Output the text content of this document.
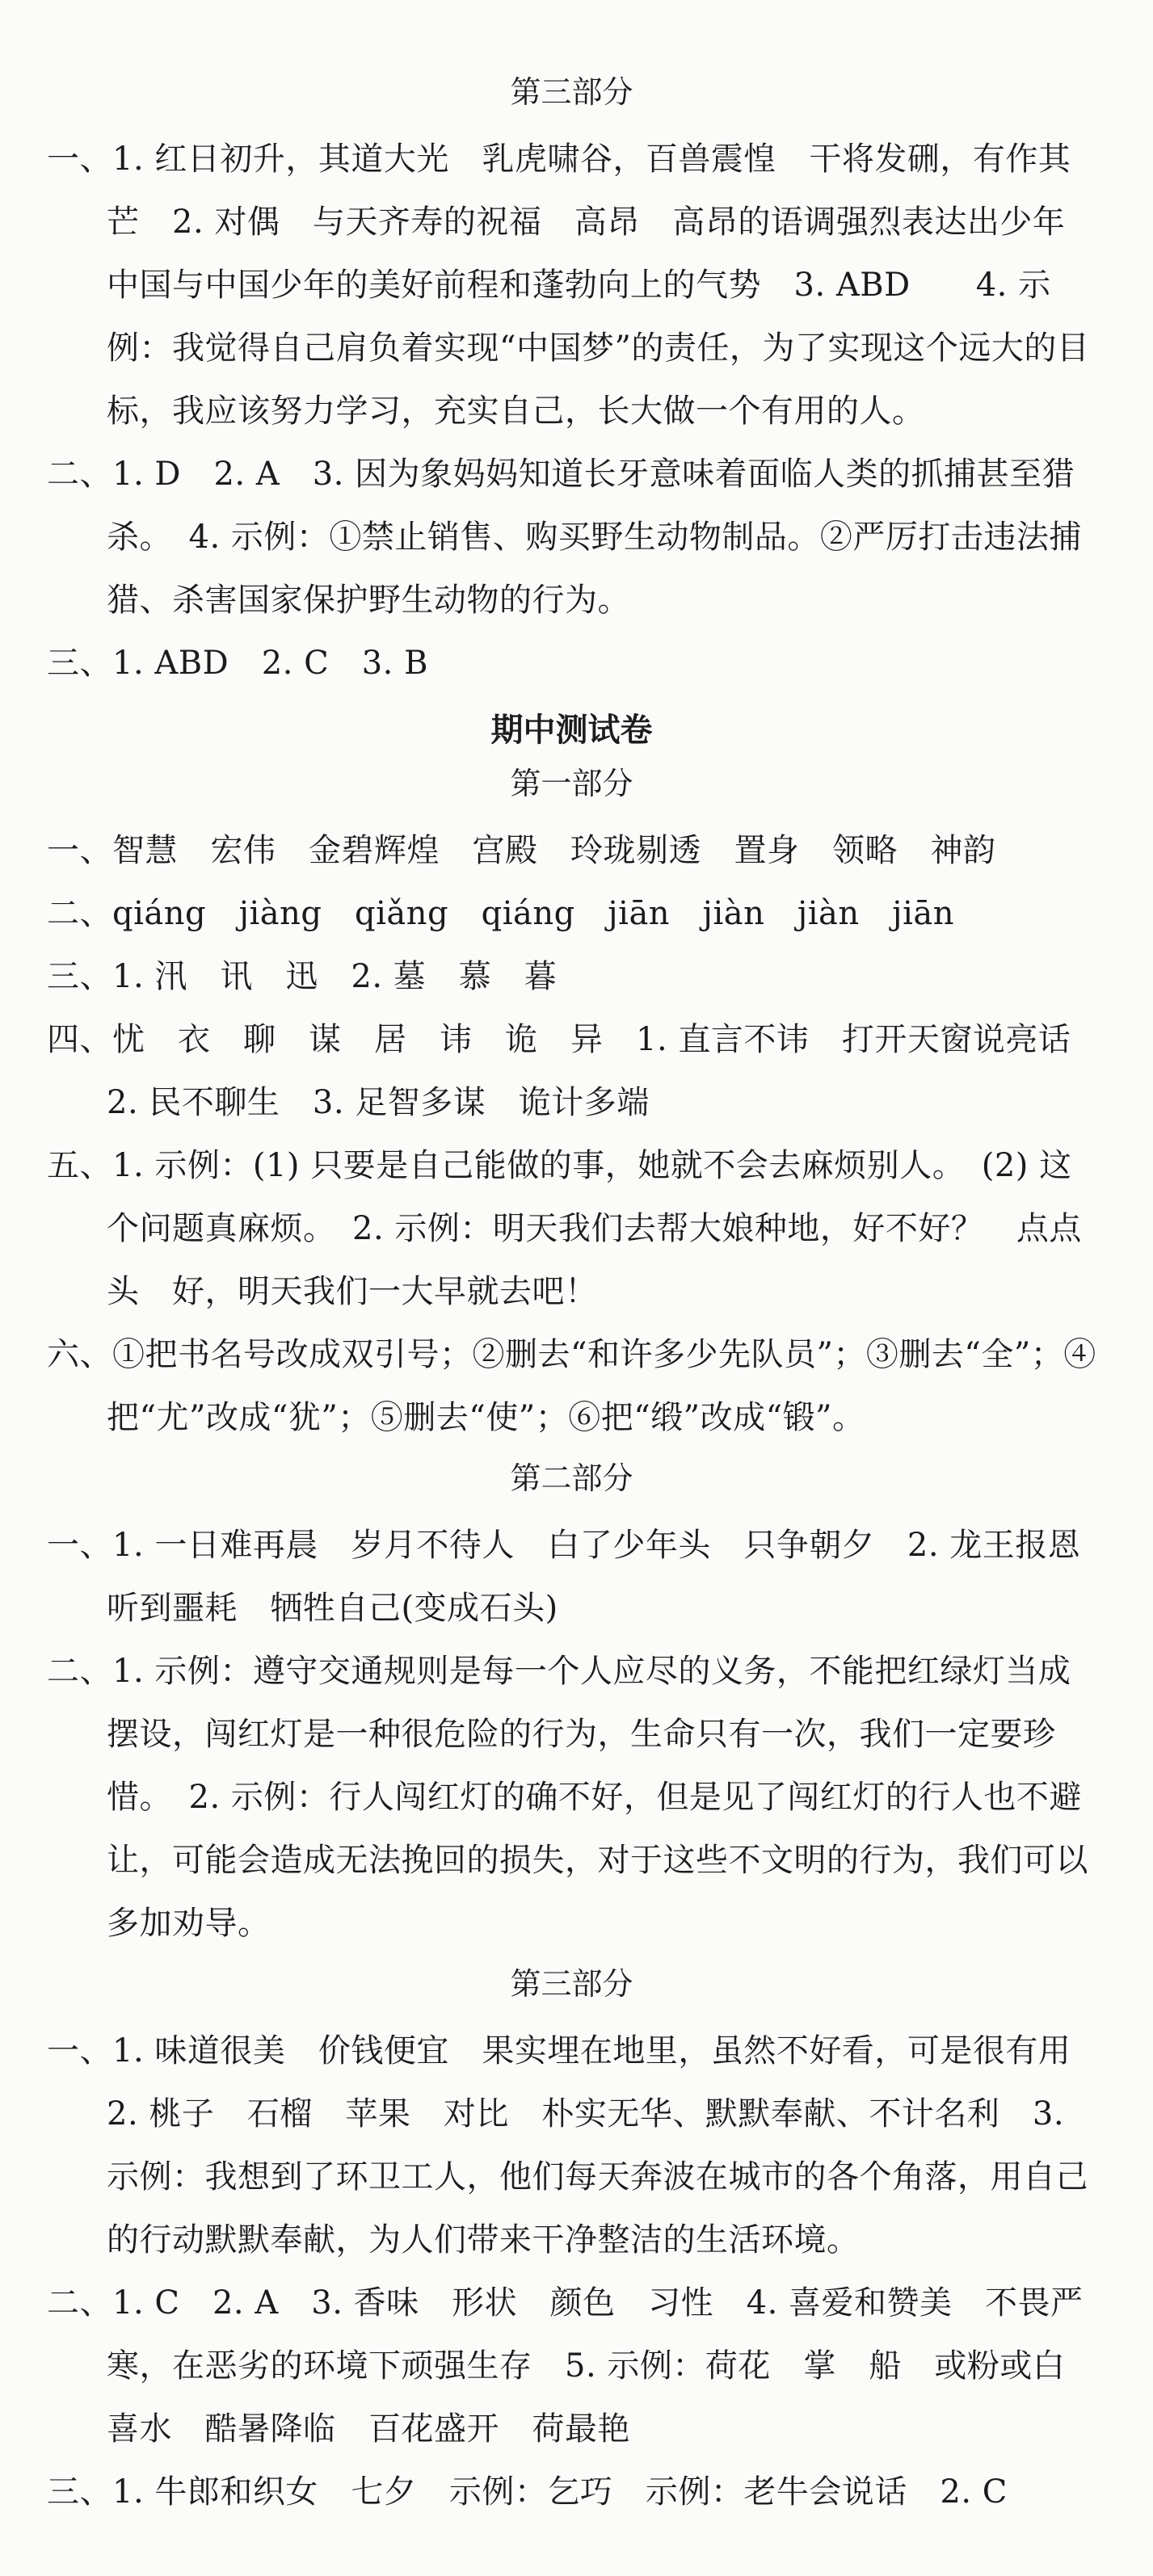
第三部分
一、1. 红日初升，其道大光　乳虎啸谷，百兽震惶　干将发硎，有作其芒　2. 对偶　与天齐寿的祝福　高昂　高昂的语调强烈表达出少年中国与中国少年的美好前程和蓬勃向上的气势　3. ABD　　4. 示例：我觉得自己肩负着实现“中国梦”的责任，为了实现这个远大的目标，我应该努力学习，充实自己，长大做一个有用的人。
二、1. D　2. A　3. 因为象妈妈知道长牙意味着面临人类的抓捕甚至猎杀。　4. 示例：①禁止销售、购买野生动物制品。②严厉打击违法捕猎、杀害国家保护野生动物的行为。
三、1. ABD　2. C　3. B
期中测试卷
第一部分
一、智慧　宏伟　金碧辉煌　宫殿　玲珑剔透　置身　领略　神韵
二、qiáng　jiàng　qiǎng　qiáng　jiān　jiàn　jiàn　jiān
三、1. 汛　讯　迅　2. 墓　慕　暮
四、忧　衣　聊　谋　居　讳　诡　异　1. 直言不讳　打开天窗说亮话　2. 民不聊生　3. 足智多谋　诡计多端
五、1. 示例：(1) 只要是自己能做的事，她就不会去麻烦别人。　(2) 这个问题真麻烦。　2. 示例：明天我们去帮大娘种地，好不好？　点点头　好，明天我们一大早就去吧！
六、①把书名号改成双引号；②删去“和许多少先队员”；③删去“全”；④把“尤”改成“犹”；⑤删去“使”；⑥把“缎”改成“锻”。
第二部分
一、1. 一日难再晨　岁月不待人　白了少年头　只争朝夕　2. 龙王报恩　听到噩耗　牺牲自己(变成石头)
二、1. 示例：遵守交通规则是每一个人应尽的义务，不能把红绿灯当成摆设，闯红灯是一种很危险的行为，生命只有一次，我们一定要珍惜。　2. 示例：行人闯红灯的确不好，但是见了闯红灯的行人也不避让，可能会造成无法挽回的损失，对于这些不文明的行为，我们可以多加劝导。
第三部分
一、1. 味道很美　价钱便宜　果实埋在地里，虽然不好看，可是很有用　2. 桃子　石榴　苹果　对比　朴实无华、默默奉献、不计名利　3. 示例：我想到了环卫工人，他们每天奔波在城市的各个角落，用自己的行动默默奉献，为人们带来干净整洁的生活环境。
二、1. C　2. A　3. 香味　形状　颜色　习性　4. 喜爱和赞美　不畏严寒，在恶劣的环境下顽强生存　5. 示例：荷花　掌　船　或粉或白　喜水　酷暑降临　百花盛开　荷最艳
三、1. 牛郎和织女　七夕　示例：乞巧　示例：老牛会说话　2. C
